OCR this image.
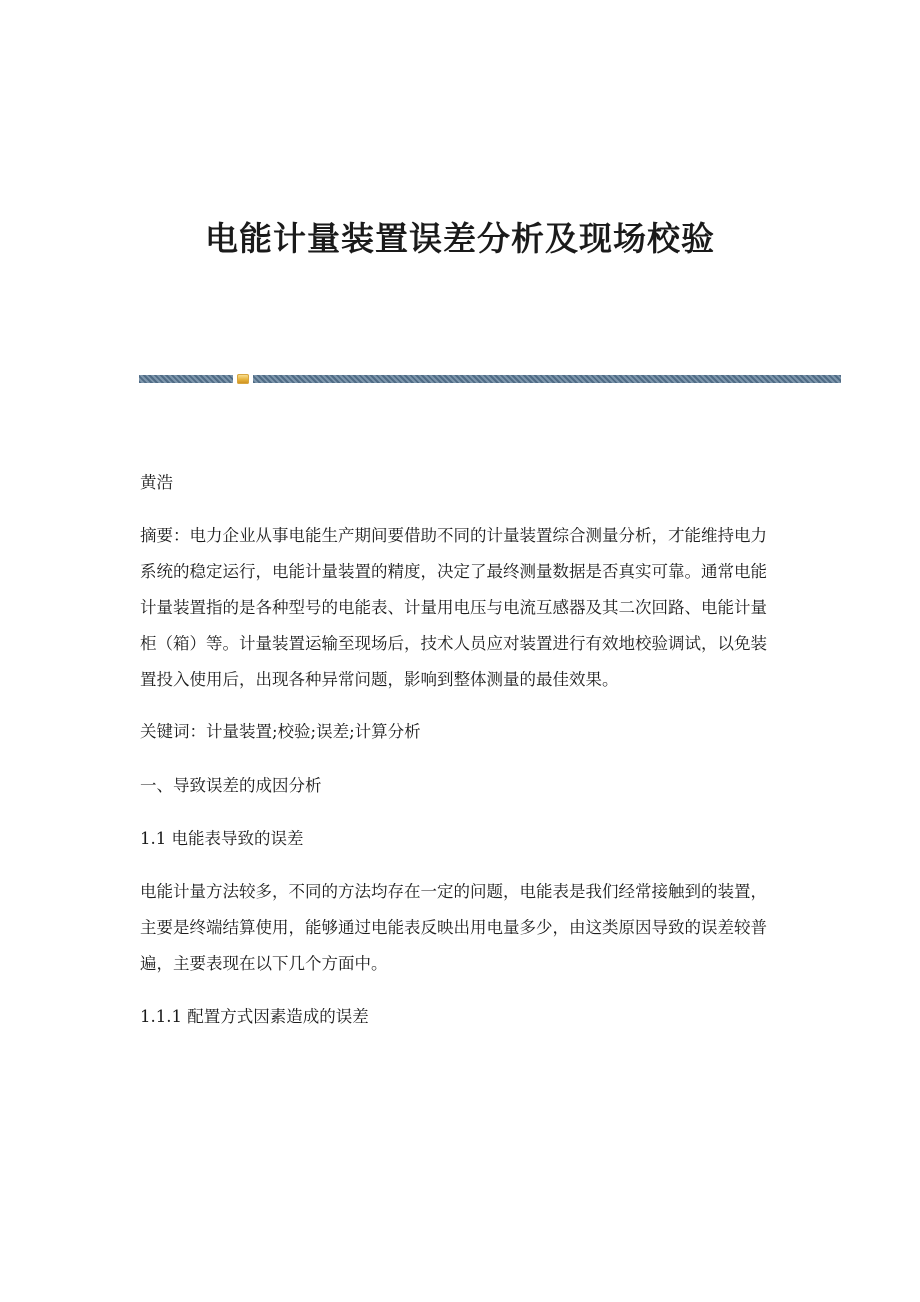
电能计量装置误差分析及现场校验

黄浩

摘要：电力企业从事电能生产期间要借助不同的计量装置综合测量分析，才能维持电力系统的稳定运行，电能计量装置的精度，决定了最终测量数据是否真实可靠。通常电能计量装置指的是各种型号的电能表、计量用电压与电流互感器及其二次回路、电能计量柜（箱）等。计量装置运输至现场后，技术人员应对装置进行有效地校验调试，以免装置投入使用后，出现各种异常问题，影响到整体测量的最佳效果。

关键词：计量装置;校验;误差;计算分析

一、导致误差的成因分析

1.1 电能表导致的误差

电能计量方法较多，不同的方法均存在一定的问题，电能表是我们经常接触到的装置，主要是终端结算使用，能够通过电能表反映出用电量多少，由这类原因导致的误差较普遍，主要表现在以下几个方面中。

1.1.1 配置方式因素造成的误差
